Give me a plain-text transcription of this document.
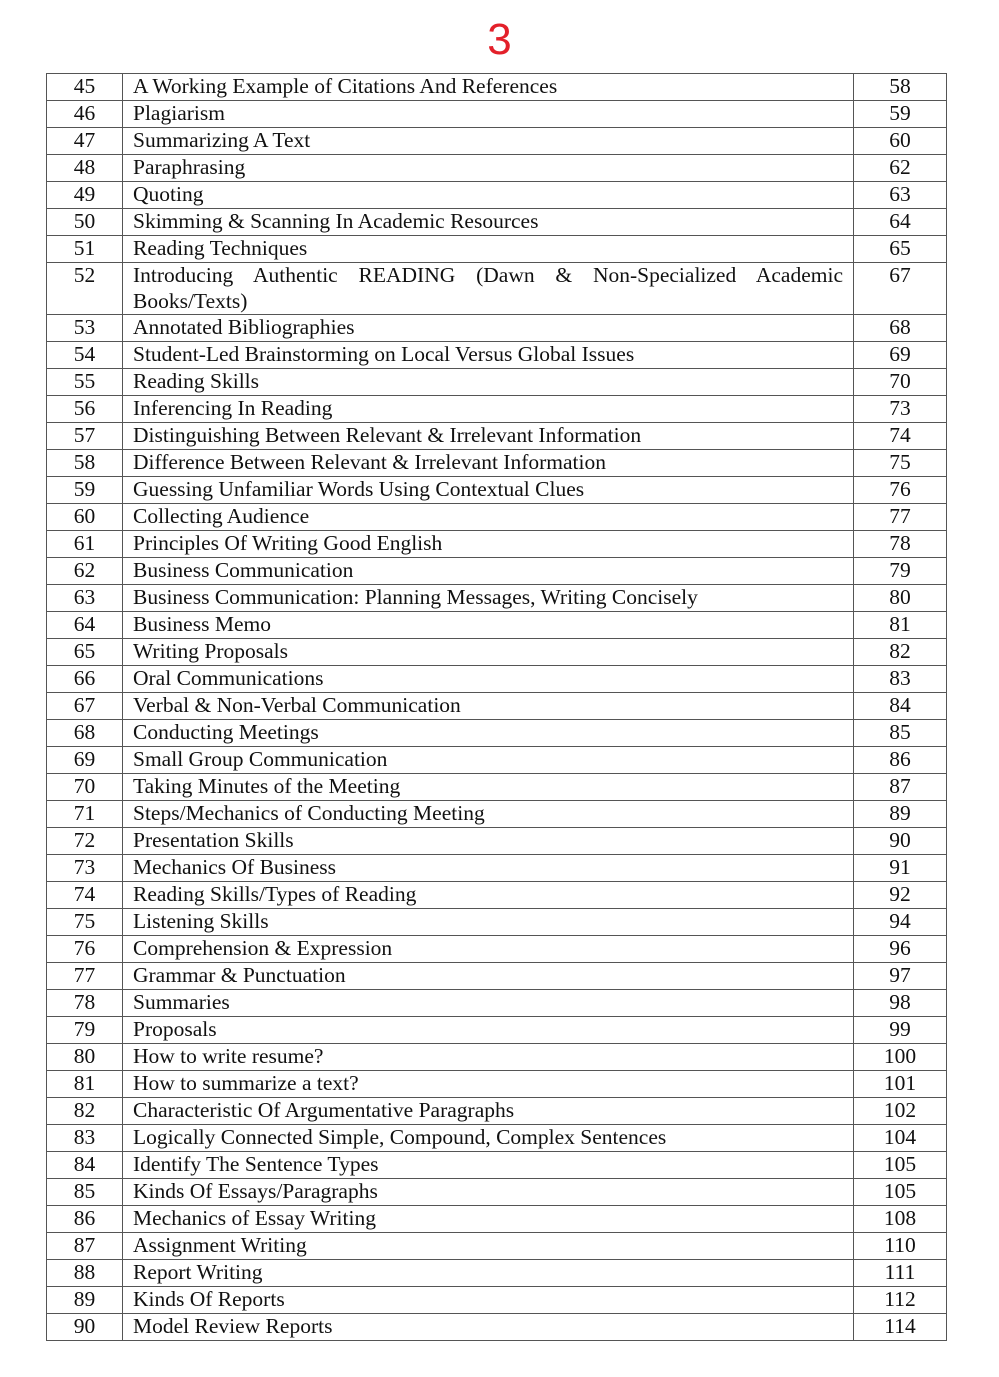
3
45	A Working Example of Citations And References	58
46	Plagiarism	59
47	Summarizing A Text	60
48	Paraphrasing	62
49	Quoting	63
50	Skimming & Scanning In Academic Resources	64
51	Reading Techniques	65
52	Introducing Authentic READING (Dawn & Non-Specialized Academic Books/Texts)	67
53	Annotated Bibliographies	68
54	Student-Led Brainstorming on Local Versus Global Issues	69
55	Reading Skills	70
56	Inferencing In Reading	73
57	Distinguishing Between Relevant & Irrelevant Information	74
58	Difference Between Relevant & Irrelevant Information	75
59	Guessing Unfamiliar Words Using Contextual Clues	76
60	Collecting Audience	77
61	Principles Of Writing Good English	78
62	Business Communication	79
63	Business Communication: Planning Messages, Writing Concisely	80
64	Business Memo	81
65	Writing Proposals	82
66	Oral Communications	83
67	Verbal & Non-Verbal Communication	84
68	Conducting Meetings	85
69	Small Group Communication	86
70	Taking Minutes of the Meeting	87
71	Steps/Mechanics of Conducting Meeting	89
72	Presentation Skills	90
73	Mechanics Of Business	91
74	Reading Skills/Types of Reading	92
75	Listening Skills	94
76	Comprehension & Expression	96
77	Grammar & Punctuation	97
78	Summaries	98
79	Proposals	99
80	How to write resume?	100
81	How to summarize a text?	101
82	Characteristic Of Argumentative Paragraphs	102
83	Logically Connected Simple, Compound, Complex Sentences	104
84	Identify The Sentence Types	105
85	Kinds Of Essays/Paragraphs	105
86	Mechanics of Essay Writing	108
87	Assignment Writing	110
88	Report Writing	111
89	Kinds Of Reports	112
90	Model Review Reports	114
